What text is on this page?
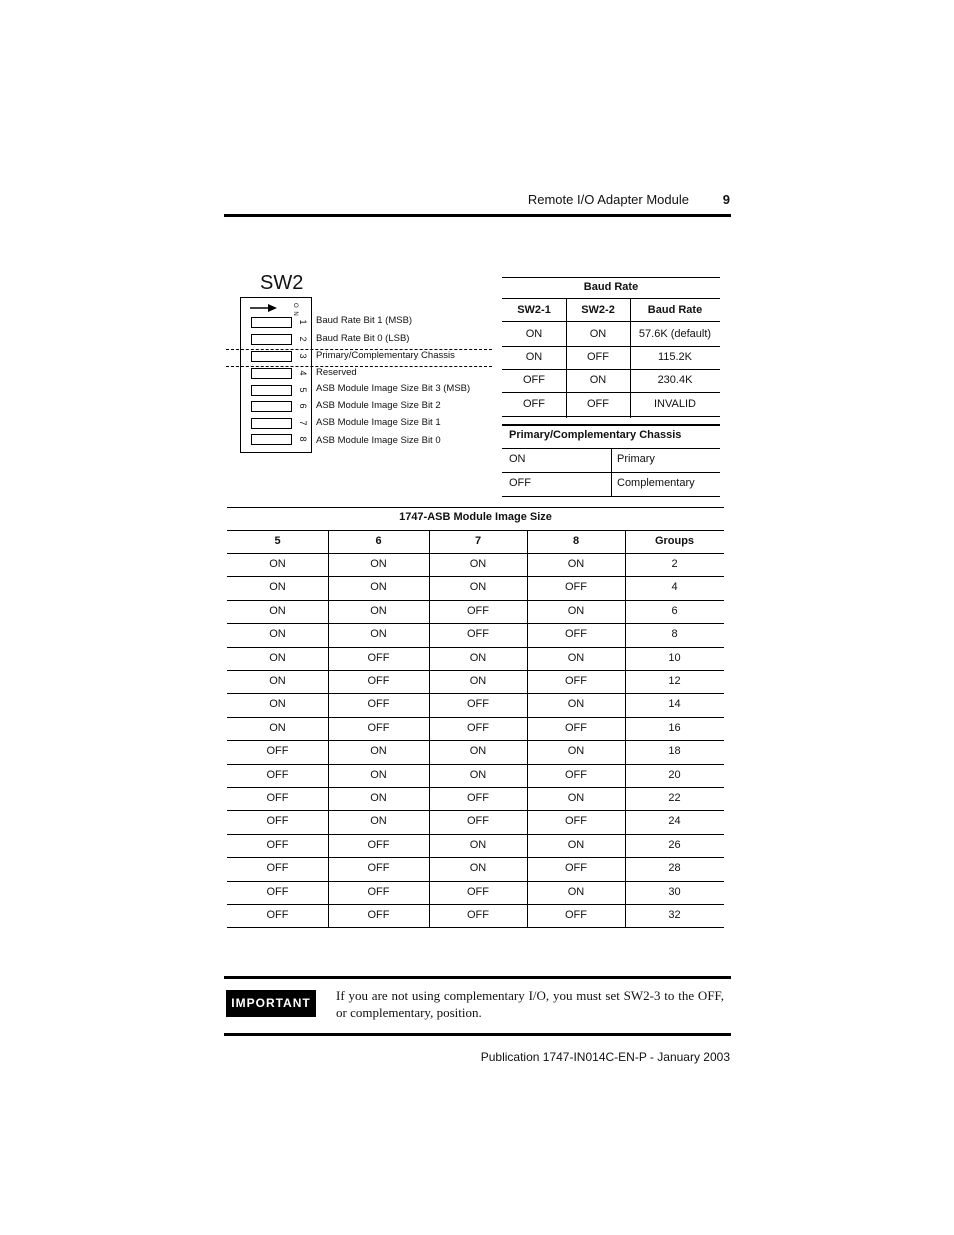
Remote I/O Adapter Module	9
SW2
O N
1 Baud Rate Bit 1 (MSB)
2 Baud Rate Bit 0 (LSB)
3 Primary/Complementary Chassis
4 Reserved
5 ASB Module Image Size Bit 3 (MSB)
6 ASB Module Image Size Bit 2
7 ASB Module Image Size Bit 1
8 ASB Module Image Size Bit 0
Baud Rate
SW2-1	SW2-2	Baud Rate
ON	ON	57.6K (default)
ON	OFF	115.2K
OFF	ON	230.4K
OFF	OFF	INVALID
Primary/Complementary Chassis
ON	Primary
OFF	Complementary
1747-ASB Module Image Size
5	6	7	8	Groups
ON	ON	ON	ON	2
ON	ON	ON	OFF	4
ON	ON	OFF	ON	6
ON	ON	OFF	OFF	8
ON	OFF	ON	ON	10
ON	OFF	ON	OFF	12
ON	OFF	OFF	ON	14
ON	OFF	OFF	OFF	16
OFF	ON	ON	ON	18
OFF	ON	ON	OFF	20
OFF	ON	OFF	ON	22
OFF	ON	OFF	OFF	24
OFF	OFF	ON	ON	26
OFF	OFF	ON	OFF	28
OFF	OFF	OFF	ON	30
OFF	OFF	OFF	OFF	32
IMPORTANT	If you are not using complementary I/O, you must set SW2-3 to the OFF, or complementary, position.
Publication 1747-IN014C-EN-P - January 2003
